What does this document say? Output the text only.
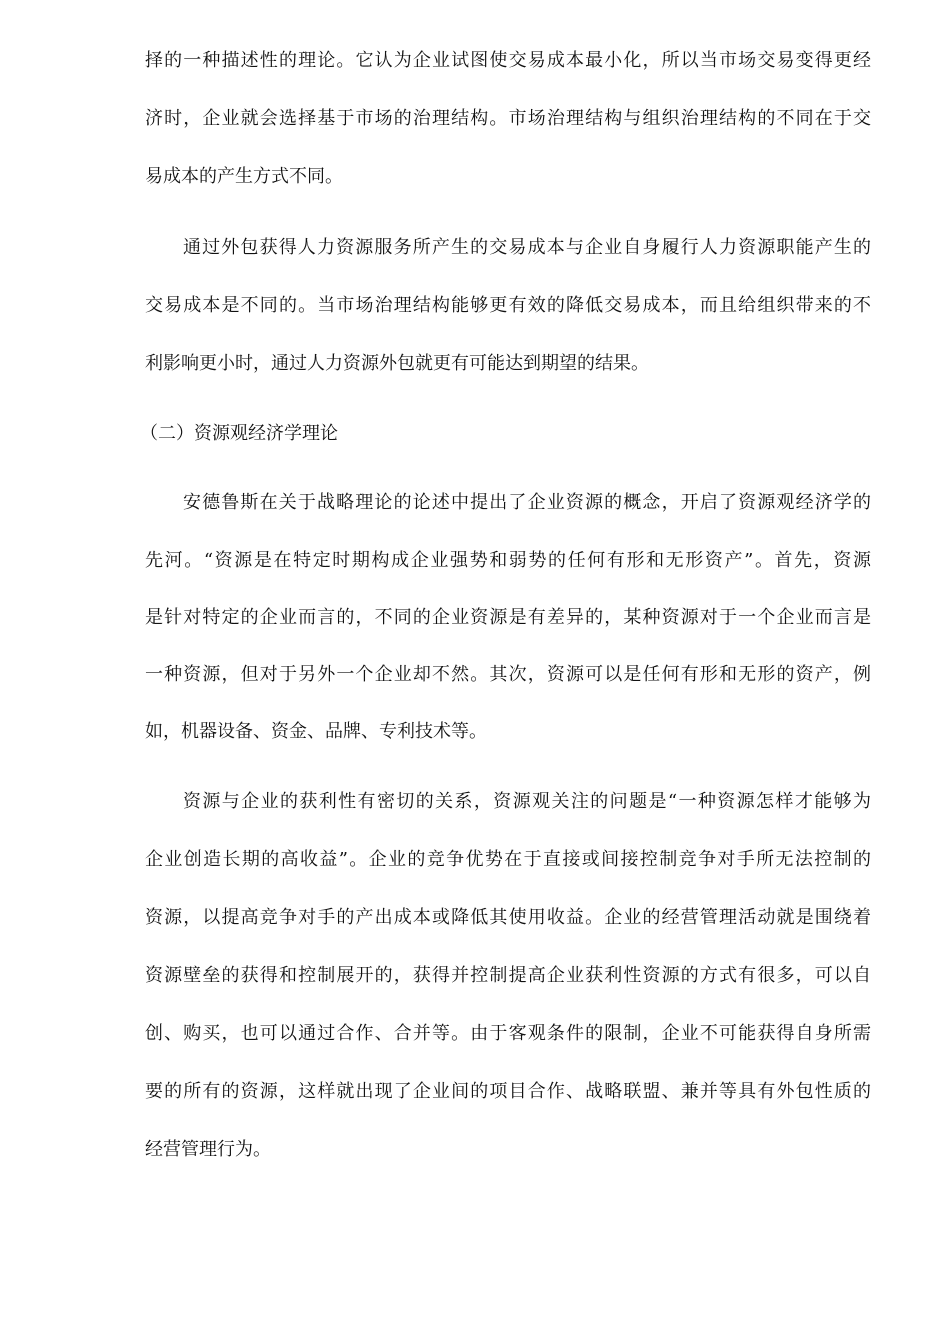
择的一种描述性的理论。它认为企业试图使交易成本最小化，所以当市场交易变得更经
济时，企业就会选择基于市场的治理结构。市场治理结构与组织治理结构的不同在于交
易成本的产生方式不同。
通过外包获得人力资源服务所产生的交易成本与企业自身履行人力资源职能产生的
交易成本是不同的。当市场治理结构能够更有效的降低交易成本，而且给组织带来的不
利影响更小时，通过人力资源外包就更有可能达到期望的结果。
（二）资源观经济学理论
安德鲁斯在关于战略理论的论述中提出了企业资源的概念，开启了资源观经济学的
先河。“资源是在特定时期构成企业强势和弱势的任何有形和无形资产”。首先，资源
是针对特定的企业而言的，不同的企业资源是有差异的，某种资源对于一个企业而言是
一种资源，但对于另外一个企业却不然。其次，资源可以是任何有形和无形的资产，例
如，机器设备、资金、品牌、专利技术等。
资源与企业的获利性有密切的关系，资源观关注的问题是“一种资源怎样才能够为
企业创造长期的高收益”。企业的竞争优势在于直接或间接控制竞争对手所无法控制的
资源，以提高竞争对手的产出成本或降低其使用收益。企业的经营管理活动就是围绕着
资源壁垒的获得和控制展开的，获得并控制提高企业获利性资源的方式有很多，可以自
创、购买，也可以通过合作、合并等。由于客观条件的限制，企业不可能获得自身所需
要的所有的资源，这样就出现了企业间的项目合作、战略联盟、兼并等具有外包性质的
经营管理行为。
